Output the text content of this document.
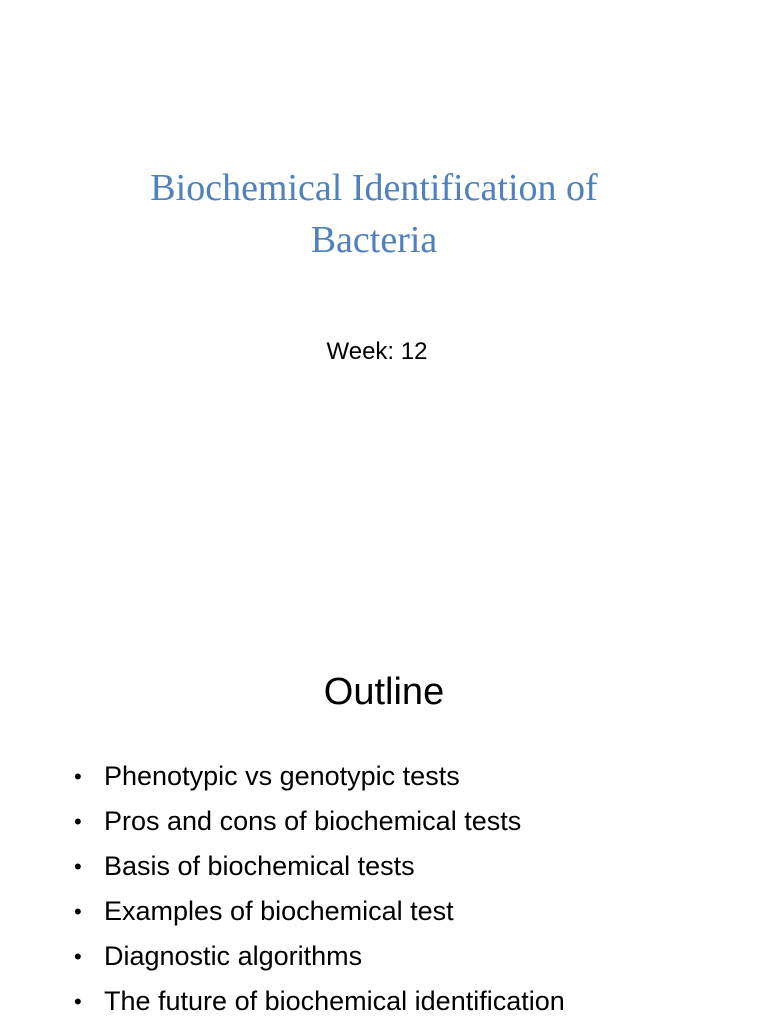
Biochemical Identification of
Bacteria
Week: 12
Outline
• Phenotypic vs genotypic tests
• Pros and cons of biochemical tests
• Basis of biochemical tests
• Examples of biochemical test
• Diagnostic algorithms
• The future of biochemical identification
